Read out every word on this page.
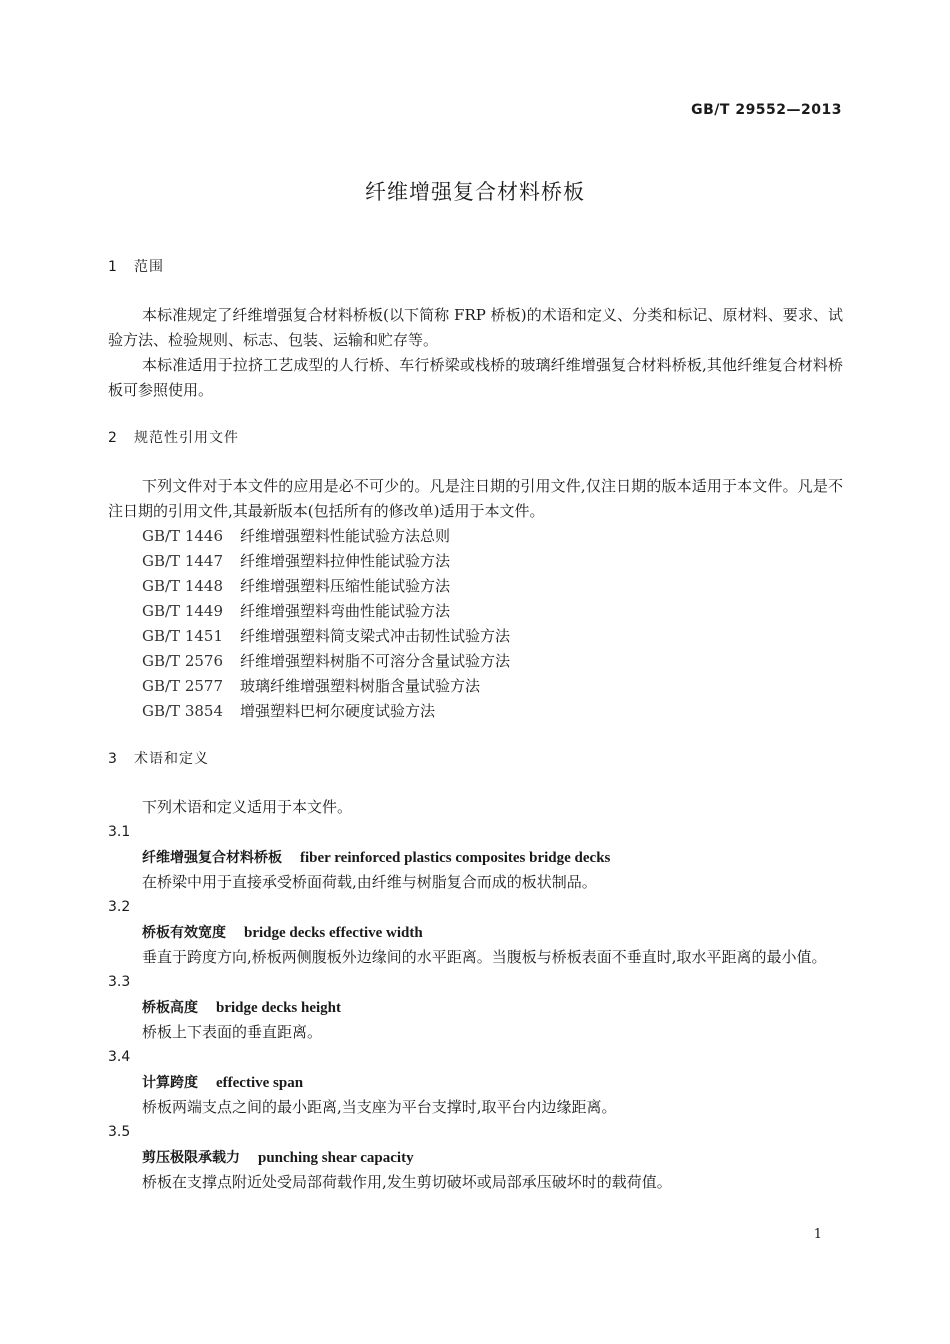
GB/T 29552—2013
纤维增强复合材料桥板
1 范围

本标准规定了纤维增强复合材料桥板(以下简称 FRP 桥板)的术语和定义、分类和标记、原材料、要求、试验方法、检验规则、标志、包装、运输和贮存等。

本标准适用于拉挤工艺成型的人行桥、车行桥梁或栈桥的玻璃纤维增强复合材料桥板,其他纤维复合材料桥板可参照使用。

2 规范性引用文件

下列文件对于本文件的应用是必不可少的。凡是注日期的引用文件,仅注日期的版本适用于本文件。凡是不注日期的引用文件,其最新版本(包括所有的修改单)适用于本文件。

GB/T 1446 纤维增强塑料性能试验方法总则
GB/T 1447 纤维增强塑料拉伸性能试验方法
GB/T 1448 纤维增强塑料压缩性能试验方法
GB/T 1449 纤维增强塑料弯曲性能试验方法
GB/T 1451 纤维增强塑料简支梁式冲击韧性试验方法
GB/T 2576 纤维增强塑料树脂不可溶分含量试验方法
GB/T 2577 玻璃纤维增强塑料树脂含量试验方法
GB/T 3854 增强塑料巴柯尔硬度试验方法
3 术语和定义

下列术语和定义适用于本文件。

3.1
纤维增强复合材料桥板 fiber reinforced plastics composites bridge decks

在桥梁中用于直接承受桥面荷载,由纤维与树脂复合而成的板状制品。

3.2
桥板有效宽度 bridge decks effective width

垂直于跨度方向,桥板两侧腹板外边缘间的水平距离。当腹板与桥板表面不垂直时,取水平距离的最小值。

3.3
桥板高度 bridge decks height

桥板上下表面的垂直距离。

3.4
计算跨度 effective span

桥板两端支点之间的最小距离,当支座为平台支撑时,取平台内边缘距离。

3.5
剪压极限承载力 punching shear capacity

桥板在支撑点附近处受局部荷载作用,发生剪切破坏或局部承压破坏时的载荷值。

1
